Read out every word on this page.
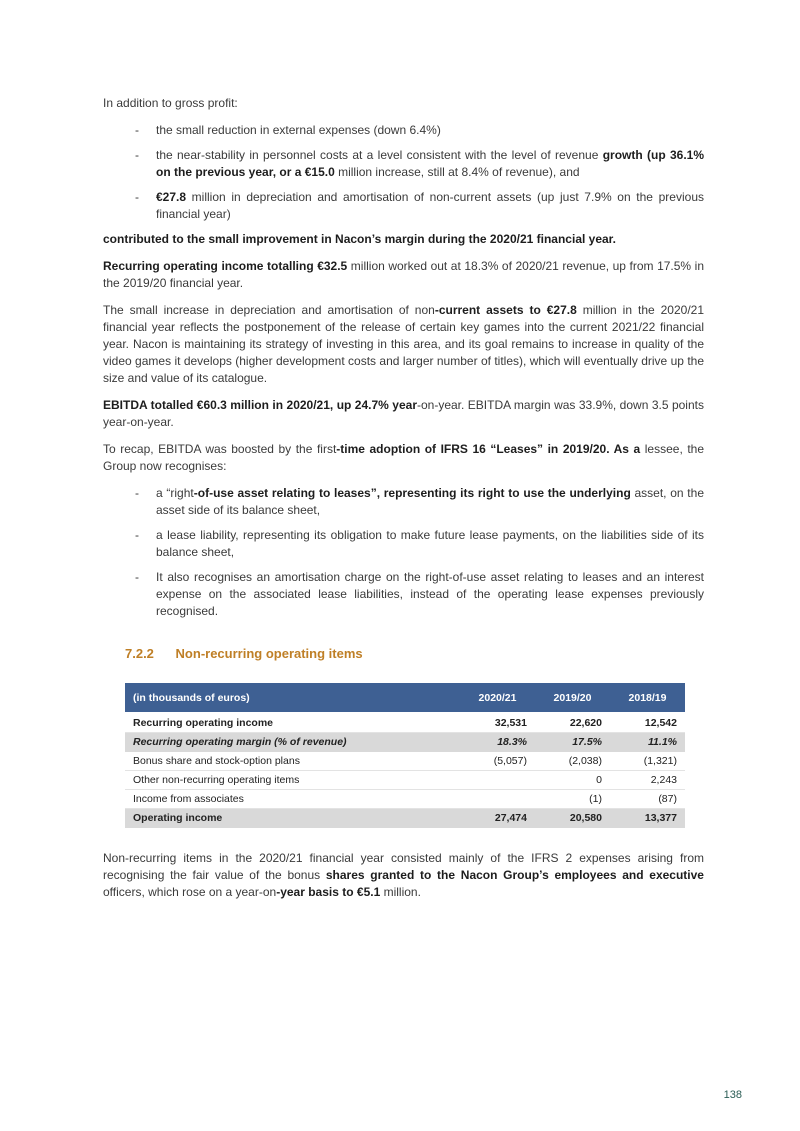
In addition to gross profit:

-	the small reduction in external expenses (down 6.4%)
-	the near-stability in personnel costs at a level consistent with the level of revenue growth (up 36.1% on the previous year, or a €15.0 million increase, still at 8.4% of revenue), and
-	€27.8 million in depreciation and amortisation of non-current assets (up just 7.9% on the previous financial year)

contributed to the small improvement in Nacon’s margin during the 2020/21 financial year.

Recurring operating income totalling €32.5 million worked out at 18.3% of 2020/21 revenue, up from 17.5% in the 2019/20 financial year.

The small increase in depreciation and amortisation of non-current assets to €27.8 million in the 2020/21 financial year reflects the postponement of the release of certain key games into the current 2021/22 financial year. Nacon is maintaining its strategy of investing in this area, and its goal remains to increase in quality of the video games it develops (higher development costs and larger number of titles), which will eventually drive up the size and value of its catalogue.

EBITDA totalled €60.3 million in 2020/21, up 24.7% year-on-year. EBITDA margin was 33.9%, down 3.5 points year-on-year.

To recap, EBITDA was boosted by the first-time adoption of IFRS 16 “Leases” in 2019/20. As a lessee, the Group now recognises:

-	a “right-of-use asset relating to leases”, representing its right to use the underlying asset, on the asset side of its balance sheet,
-	a lease liability, representing its obligation to make future lease payments, on the liabilities side of its balance sheet,
-	It also recognises an amortisation charge on the right-of-use asset relating to leases and an interest expense on the associated lease liabilities, instead of the operating lease expenses previously recognised.
7.2.2 Non-recurring operating items
(in thousands of euros)	2020/21	2019/20	2018/19
Recurring operating income	32,531	22,620	12,542
Recurring operating margin (% of revenue)	18.3%	17.5%	11.1%
Bonus share and stock-option plans	(5,057)	(2,038)	(1,321)
Other non-recurring operating items		0	2,243
Income from associates		(1)	(87)
Operating income	27,474	20,580	13,377

Non-recurring items in the 2020/21 financial year consisted mainly of the IFRS 2 expenses arising from recognising the fair value of the bonus shares granted to the Nacon Group’s employees and executive officers, which rose on a year-on-year basis to €5.1 million.

138
